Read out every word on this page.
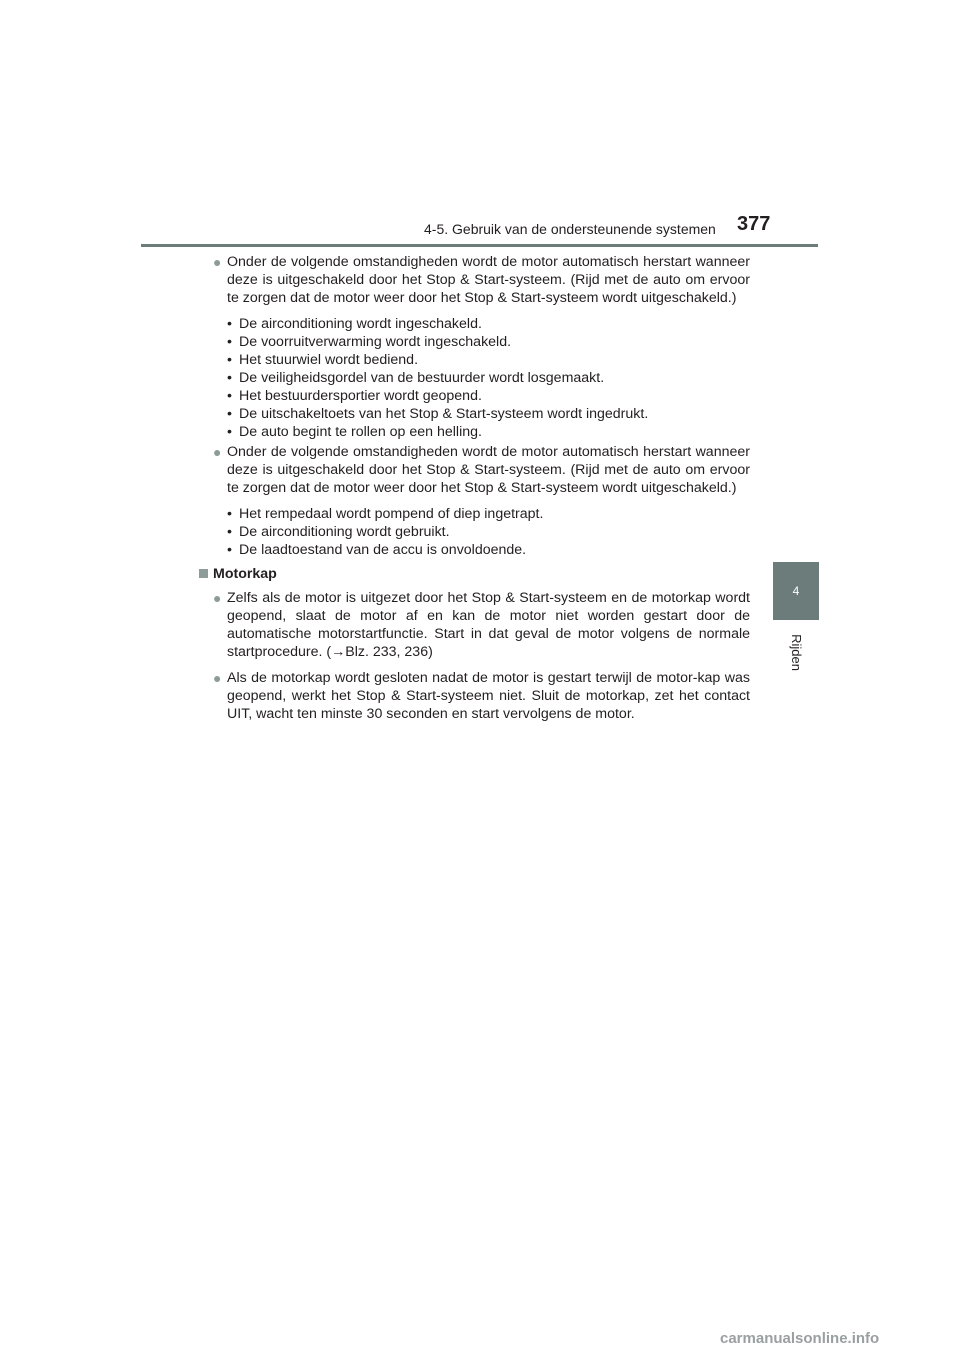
4-5. Gebruik van de ondersteunende systemen 377
4
Rijden
● Onder de volgende omstandigheden wordt de motor automatisch herstart wanneer deze is uitgeschakeld door het Stop & Start-systeem. (Rijd met de auto om ervoor te zorgen dat de motor weer door het Stop & Start-systeem wordt uitgeschakeld.)
• De airconditioning wordt ingeschakeld.
• De voorruitverwarming wordt ingeschakeld.
• Het stuurwiel wordt bediend.
• De veiligheidsgordel van de bestuurder wordt losgemaakt.
• Het bestuurdersportier wordt geopend.
• De uitschakeltoets van het Stop & Start-systeem wordt ingedrukt.
• De auto begint te rollen op een helling.
● Onder de volgende omstandigheden wordt de motor automatisch herstart wanneer deze is uitgeschakeld door het Stop & Start-systeem. (Rijd met de auto om ervoor te zorgen dat de motor weer door het Stop & Start-systeem wordt uitgeschakeld.)
• Het rempedaal wordt pompend of diep ingetrapt.
• De airconditioning wordt gebruikt.
• De laadtoestand van de accu is onvoldoende.
Motorkap
● Zelfs als de motor is uitgezet door het Stop & Start-systeem en de motorkap wordt geopend, slaat de motor af en kan de motor niet worden gestart door de automatische motorstartfunctie. Start in dat geval de motor volgens de normale startprocedure. (→Blz. 233, 236)
● Als de motorkap wordt gesloten nadat de motor is gestart terwijl de motor-kap was geopend, werkt het Stop & Start-systeem niet. Sluit de motorkap, zet het contact UIT, wacht ten minste 30 seconden en start vervolgens de motor.
carmanualsonline.info
